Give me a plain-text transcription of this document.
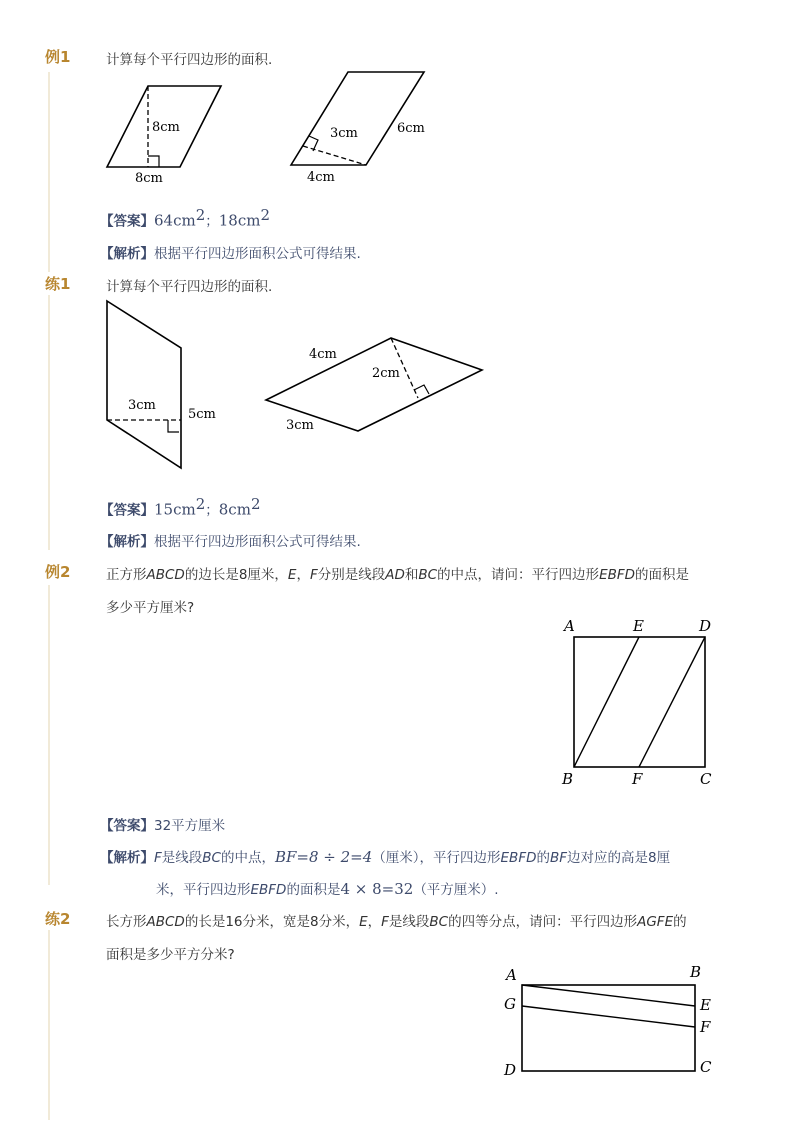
例1	计算每个平行四边形的面积.
8cm
8cm
3cm	6cm
4cm
【答案】$64cm^2$；$18cm^2$
【解析】根据平行四边形面积公式可得结果.
练1	计算每个平行四边形的面积.
3cm
5cm
4cm
2cm
3cm
【答案】$15cm^2$；$8cm^2$
【解析】根据平行四边形面积公式可得结果.
例2	正方形ABCD的边长是8厘米，E，F分别是线段AD和BC的中点，请问：平行四边形EBFD的面积是
多少平方厘米?
A	E	D
B	F	C
【答案】32平方厘米
【解析】F是线段BC的中点，BF=8 ÷ 2=4（厘米），平行四边形EBFD的BF边对应的高是8厘
米，平行四边形EBFD的面积是4 × 8=32（平方厘米）.
练2	长方形ABCD的长是16分米，宽是8分米，E，F是线段BC的四等分点，请问：平行四边形AGFE的
面积是多少平方分米?
A	B
G	E
F
D	C
